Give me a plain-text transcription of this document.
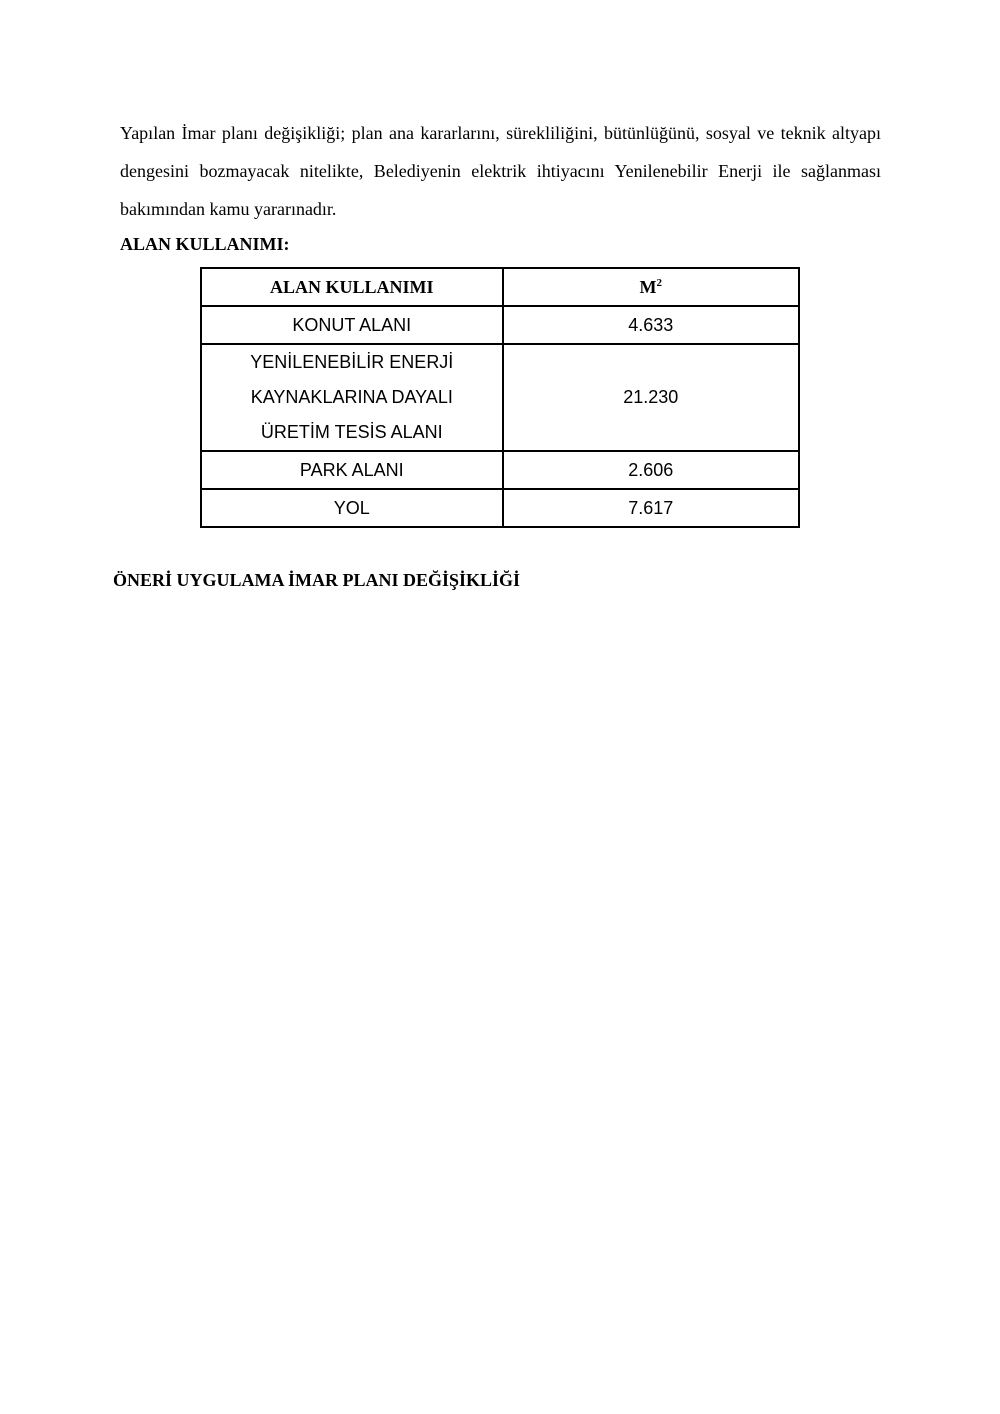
Yapılan İmar planı değişikliği; plan ana kararlarını, sürekliliğini, bütünlüğünü, sosyal ve teknik altyapı dengesini bozmayacak nitelikte, Belediyenin elektrik ihtiyacını Yenilenebilir Enerji ile sağlanması bakımından kamu yararınadır.

ALAN KULLANIMI:

ALAN KULLANIMI	$M^2$
KONUT ALANI	4.633
YENİLENEBİLİR ENERJİ
KAYNAKLARINA DAYALI
ÜRETİM TESİS ALANI	21.230
PARK ALANI	2.606
YOL	7.617

ÖNERİ UYGULAMA İMAR PLANI DEĞİŞİKLİĞİ
